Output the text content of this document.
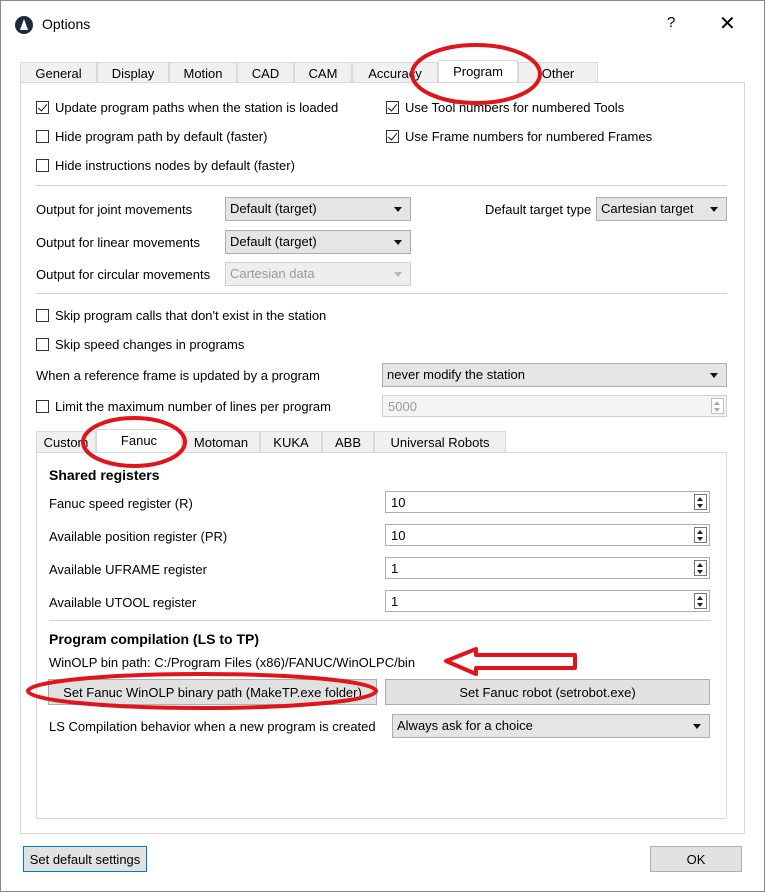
Options	? ✕
General	Display	Motion	CAD	CAM	Accuracy	Program	Other
Update program paths when the station is loaded
Hide program path by default (faster)
Hide instructions nodes by default (faster)
Use Tool numbers for numbered Tools
Use Frame numbers for numbered Frames
Output for joint movements	Default (target)	Default target type Cartesian target
Output for linear movements	Default (target)
Output for circular movements	Cartesian data
Skip program calls that don't exist in the station
Skip speed changes in programs
When a reference frame is updated by a program	never modify the station
Limit the maximum number of lines per program	5000
Custom	Fanuc	Motoman	KUKA	ABB	Universal Robots
Shared registers
Fanuc speed register (R)	10
Available position register (PR)	10
Available UFRAME register	1
Available UTOOL register	1
Program compilation (LS to TP)
WinOLP bin path: C:/Program Files (x86)/FANUC/WinOLPC/bin
Set Fanuc WinOLP binary path (MakeTP.exe folder)	Set Fanuc robot (setrobot.exe)
LS Compilation behavior when a new program is created	Always ask for a choice
Set default settings	OK
